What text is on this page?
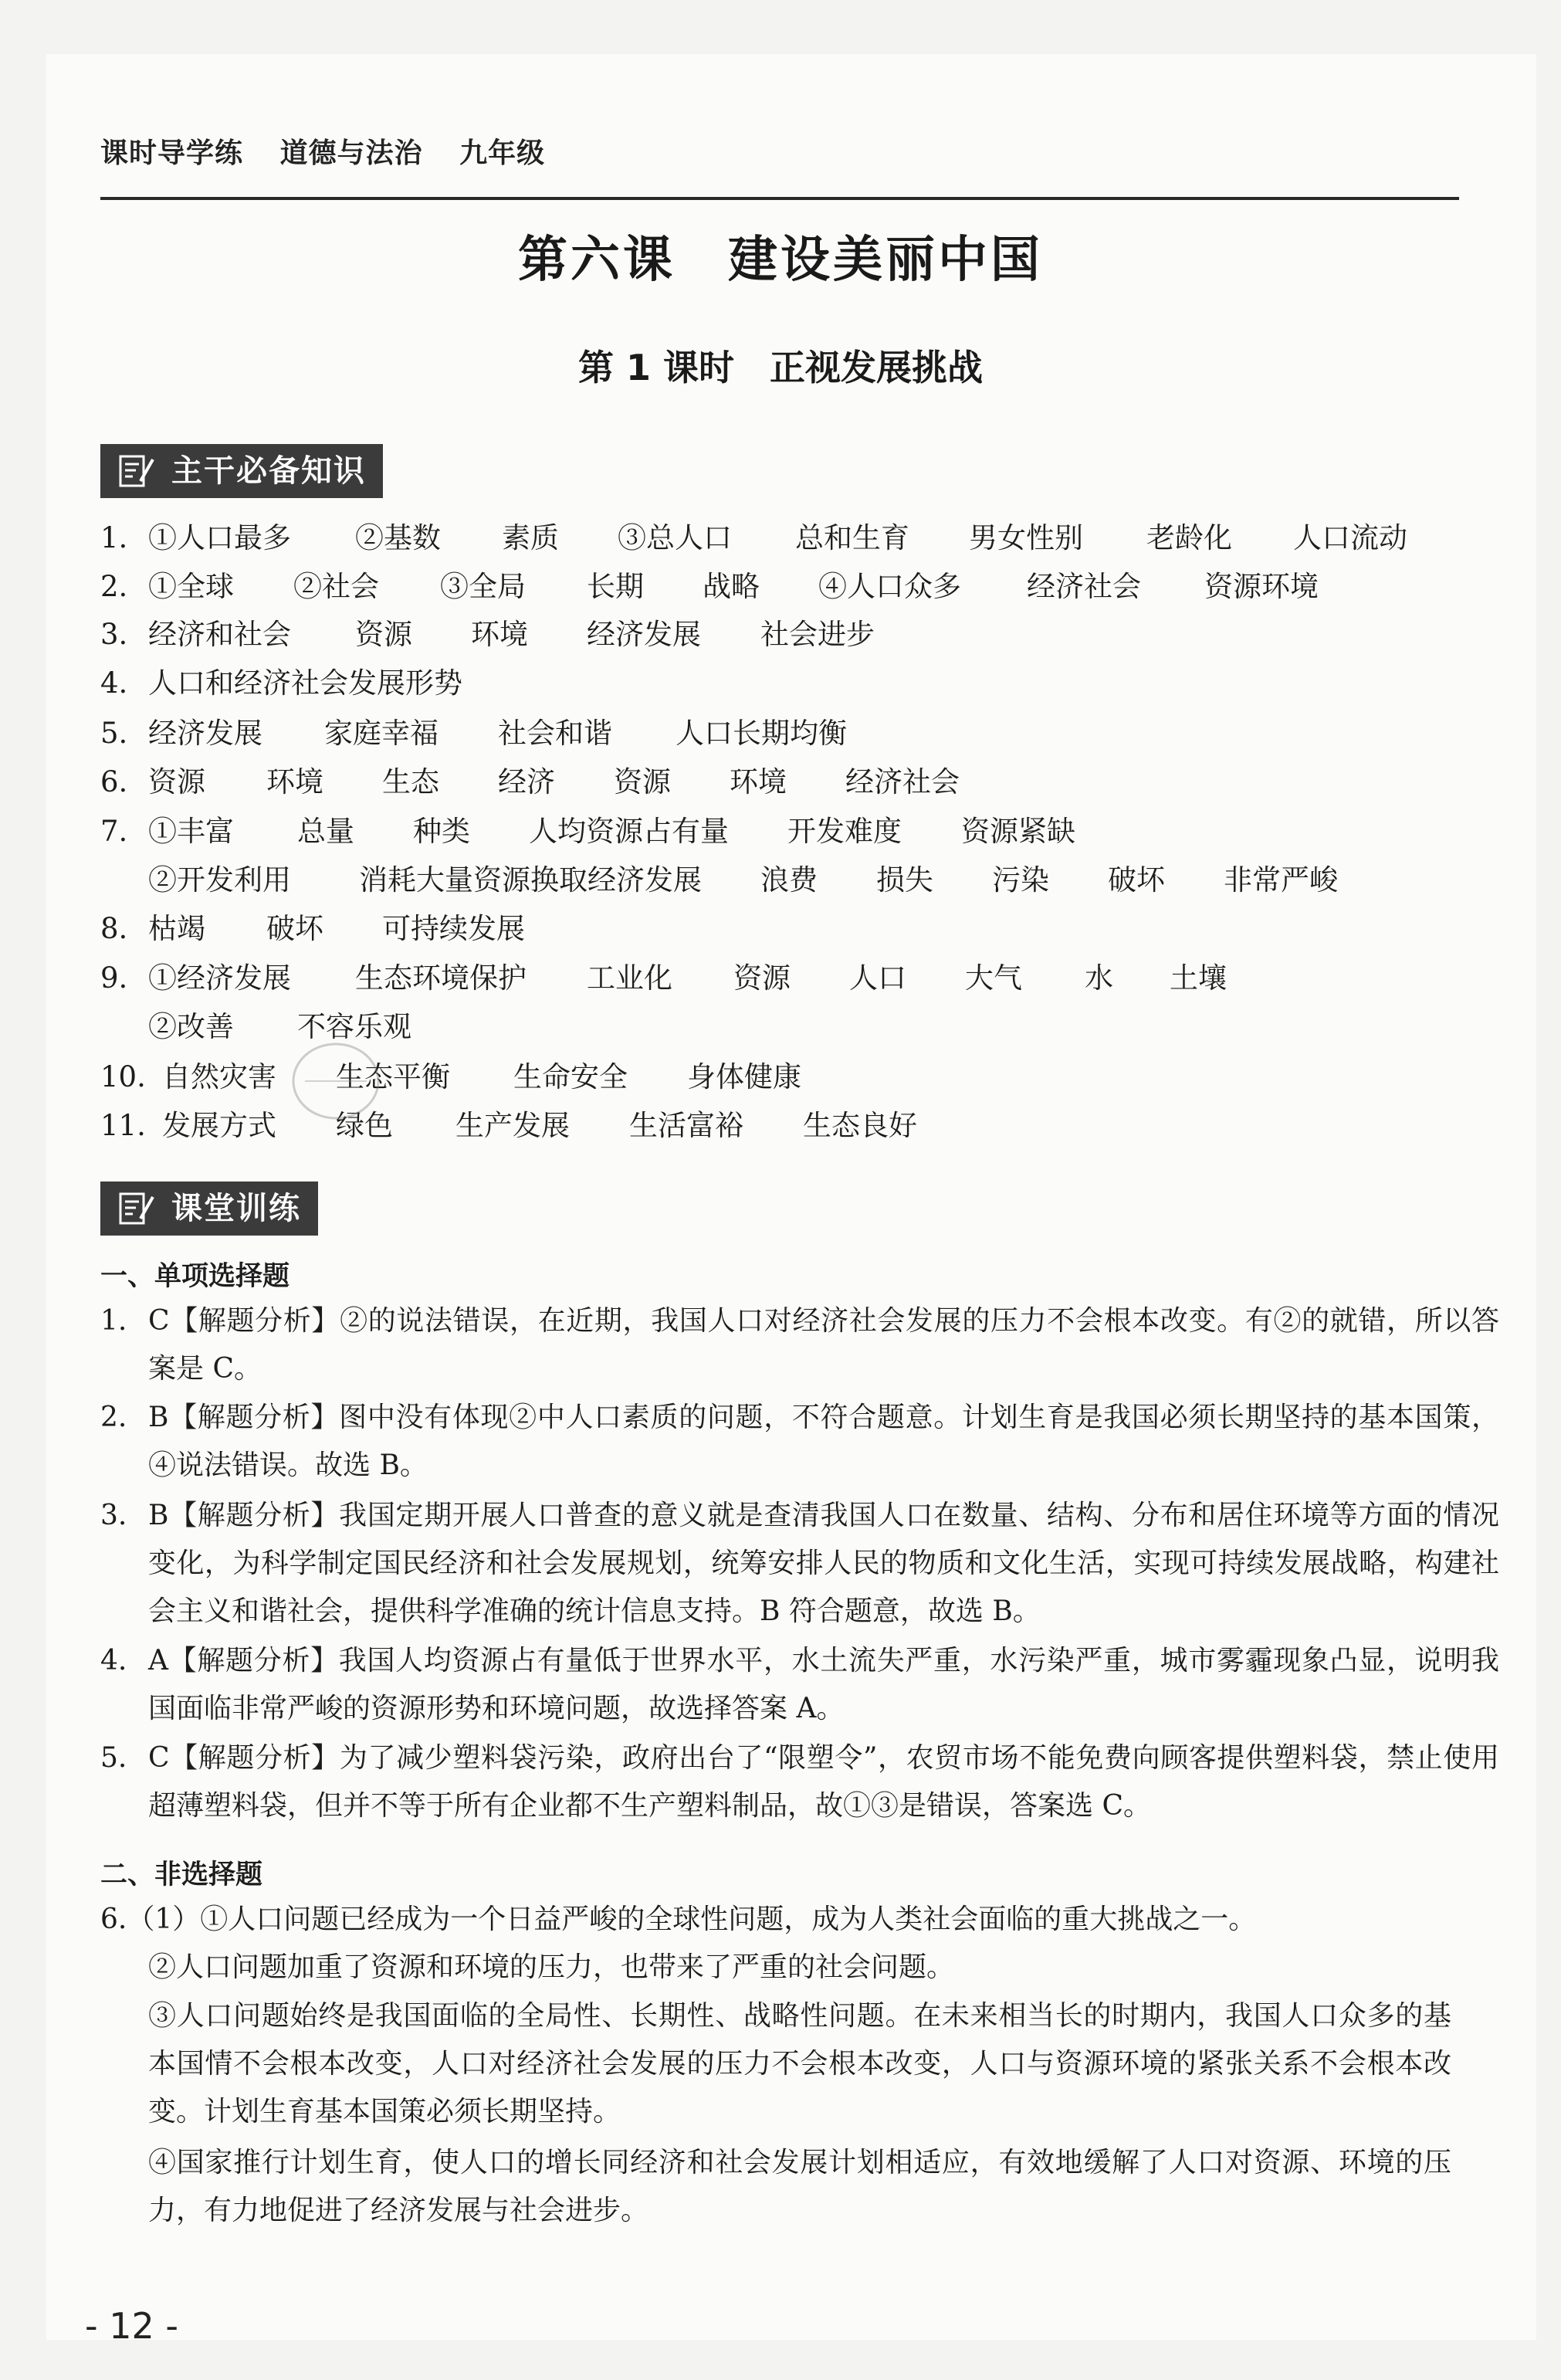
课时导学练 道德与法治 九年级
第六课　建设美丽中国
第 1 课时　正视发展挑战
主干必备知识
1. ①人口最多 ②基数 素质 ③总人口 总和生育 男女性别 老龄化 人口流动
2. ①全球 ②社会 ③全局 长期 战略 ④人口众多 经济社会 资源环境
3. 经济和社会 资源 环境 经济发展 社会进步
4. 人口和经济社会发展形势
5. 经济发展 家庭幸福 社会和谐 人口长期均衡
6. 资源 环境 生态 经济 资源 环境 经济社会
7. ①丰富 总量 种类 人均资源占有量 开发难度 资源紧缺
②开发利用 消耗大量资源换取经济发展 浪费 损失 污染 破坏 非常严峻
8. 枯竭 破坏 可持续发展
9. ①经济发展 生态环境保护 工业化 资源 人口 大气 水 土壤
②改善 不容乐观
10. 自然灾害 生态平衡 生命安全 身体健康
11. 发展方式 绿色 生产发展 生活富裕 生态良好
课堂训练
一、单项选择题
1. C【解题分析】②的说法错误，在近期，我国人口对经济社会发展的压力不会根本改变。有②的就错，所以答案是 C。
2. B【解题分析】图中没有体现②中人口素质的问题，不符合题意。计划生育是我国必须长期坚持的基本国策，④说法错误。故选 B。
3. B【解题分析】我国定期开展人口普查的意义就是查清我国人口在数量、结构、分布和居住环境等方面的情况变化，为科学制定国民经济和社会发展规划，统筹安排人民的物质和文化生活，实现可持续发展战略，构建社会主义和谐社会，提供科学准确的统计信息支持。B 符合题意，故选 B。
4. A【解题分析】我国人均资源占有量低于世界水平，水土流失严重，水污染严重，城市雾霾现象凸显，说明我国面临非常严峻的资源形势和环境问题，故选择答案 A。
5. C【解题分析】为了减少塑料袋污染，政府出台了“限塑令”，农贸市场不能免费向顾客提供塑料袋，禁止使用超薄塑料袋，但并不等于所有企业都不生产塑料制品，故①③是错误，答案选 C。
二、非选择题
6.（1）①人口问题已经成为一个日益严峻的全球性问题，成为人类社会面临的重大挑战之一。
②人口问题加重了资源和环境的压力，也带来了严重的社会问题。
③人口问题始终是我国面临的全局性、长期性、战略性问题。在未来相当长的时期内，我国人口众多的基本国情不会根本改变，人口对经济社会发展的压力不会根本改变，人口与资源环境的紧张关系不会根本改变。计划生育基本国策必须长期坚持。
④国家推行计划生育，使人口的增长同经济和社会发展计划相适应，有效地缓解了人口对资源、环境的压力，有力地促进了经济发展与社会进步。
- 12 -
